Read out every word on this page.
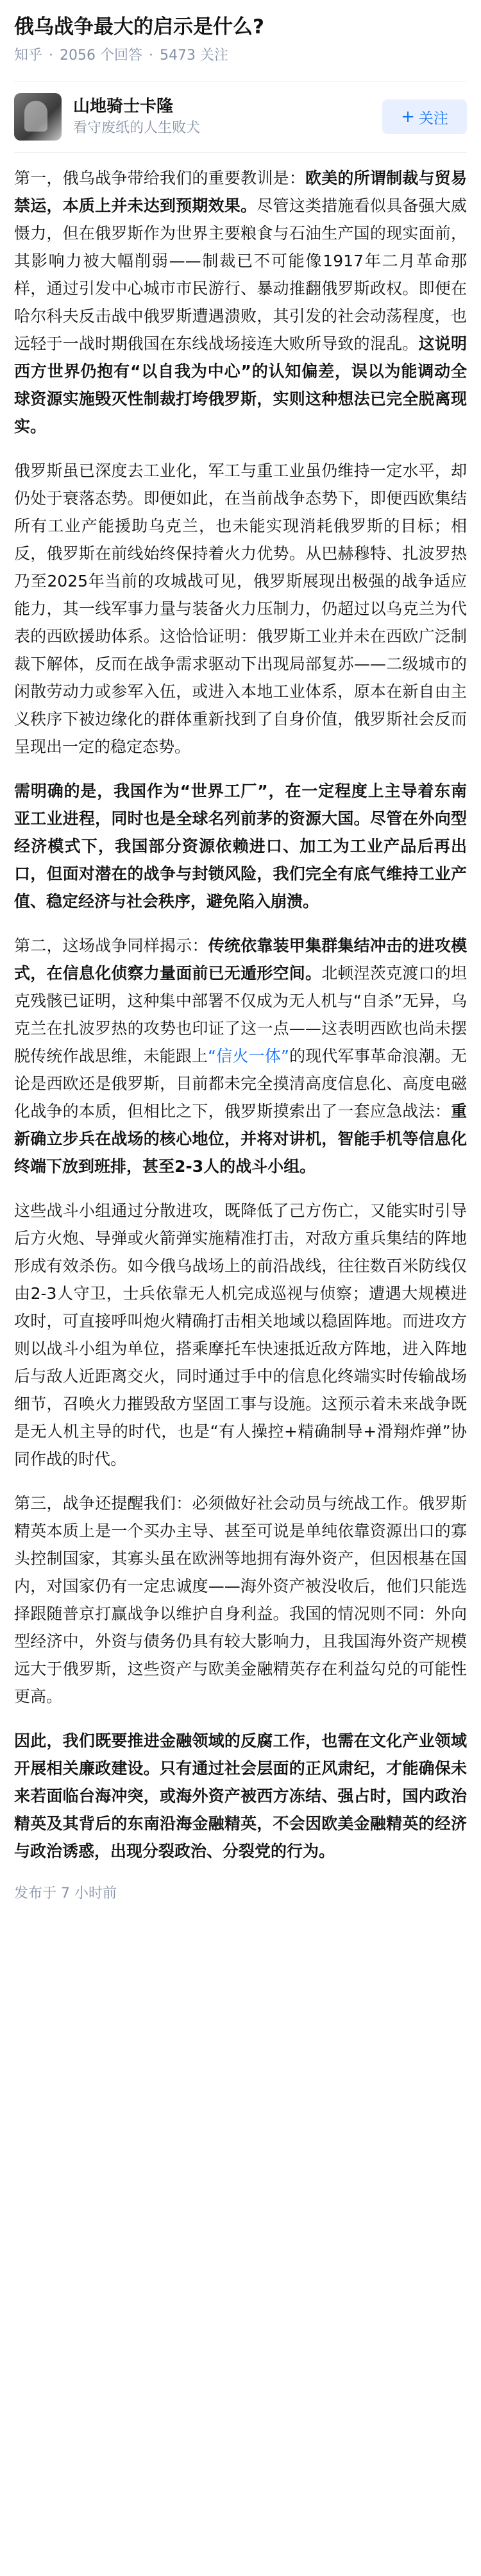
俄乌战争最大的启示是什么?
知乎 · 2056 个回答 · 5473 关注
山地骑士卡隆
看守废纸的人生败犬
+ 关注

第一，俄乌战争带给我们的重要教训是：欧美的所谓制裁与贸易禁运，本质上并未达到预期效果。尽管这类措施看似具备强大威慑力，但在俄罗斯作为世界主要粮食与石油生产国的现实面前，其影响力被大幅削弱——制裁已不可能像1917年二月革命那样，通过引发中心城市市民游行、暴动推翻俄罗斯政权。即便在哈尔科夫反击战中俄罗斯遭遇溃败，其引发的社会动荡程度，也远轻于一战时期俄国在东线战场接连大败所导致的混乱。这说明西方世界仍抱有“以自我为中心”的认知偏差，误以为能调动全球资源实施毁灭性制裁打垮俄罗斯，实则这种想法已完全脱离现实。

俄罗斯虽已深度去工业化，军工与重工业虽仍维持一定水平，却仍处于衰落态势。即便如此，在当前战争态势下，即便西欧集结所有工业产能援助乌克兰，也未能实现消耗俄罗斯的目标；相反，俄罗斯在前线始终保持着火力优势。从巴赫穆特、扎波罗热乃至2025年当前的攻城战可见，俄罗斯展现出极强的战争适应能力，其一线军事力量与装备火力压制力，仍超过以乌克兰为代表的西欧援助体系。这恰恰证明：俄罗斯工业并未在西欧广泛制裁下解体，反而在战争需求驱动下出现局部复苏——二级城市的闲散劳动力或参军入伍，或进入本地工业体系，原本在新自由主义秩序下被边缘化的群体重新找到了自身价值，俄罗斯社会反而呈现出一定的稳定态势。

需明确的是，我国作为“世界工厂”，在一定程度上主导着东南亚工业进程，同时也是全球名列前茅的资源大国。尽管在外向型经济模式下，我国部分资源依赖进口、加工为工业产品后再出口，但面对潜在的战争与封锁风险，我们完全有底气维持工业产值、稳定经济与社会秩序，避免陷入崩溃。

第二，这场战争同样揭示：传统依靠装甲集群集结冲击的进攻模式，在信息化侦察力量面前已无遁形空间。北顿涅茨克渡口的坦克残骸已证明，这种集中部署不仅成为无人机与“自杀”无异，乌克兰在扎波罗热的攻势也印证了这一点——这表明西欧也尚未摆脱传统作战思维，未能跟上“信火一体”的现代军事革命浪潮。无论是西欧还是俄罗斯，目前都未完全摸清高度信息化、高度电磁化战争的本质，但相比之下，俄罗斯摸索出了一套应急战法：重新确立步兵在战场的核心地位，并将对讲机，智能手机等信息化终端下放到班排，甚至2-3人的战斗小组。

这些战斗小组通过分散进攻，既降低了己方伤亡，又能实时引导后方火炮、导弹或火箭弹实施精准打击，对敌方重兵集结的阵地形成有效杀伤。如今俄乌战场上的前沿战线，往往数百米防线仅由2-3人守卫，士兵依靠无人机完成巡视与侦察；遭遇大规模进攻时，可直接呼叫炮火精确打击相关地域以稳固阵地。而进攻方则以战斗小组为单位，搭乘摩托车快速抵近敌方阵地，进入阵地后与敌人近距离交火，同时通过手中的信息化终端实时传输战场细节，召唤火力摧毁敌方坚固工事与设施。这预示着未来战争既是无人机主导的时代，也是“有人操控+精确制导+滑翔炸弹”协同作战的时代。

第三，战争还提醒我们：必须做好社会动员与统战工作。俄罗斯精英本质上是一个买办主导、甚至可说是单纯依靠资源出口的寡头控制国家，其寡头虽在欧洲等地拥有海外资产，但因根基在国内，对国家仍有一定忠诚度——海外资产被没收后，他们只能选择跟随普京打赢战争以维护自身利益。我国的情况则不同：外向型经济中，外资与债务仍具有较大影响力，且我国海外资产规模远大于俄罗斯，这些资产与欧美金融精英存在利益勾兑的可能性更高。

因此，我们既要推进金融领域的反腐工作，也需在文化产业领域开展相关廉政建设。只有通过社会层面的正风肃纪，才能确保未来若面临台海冲突，或海外资产被西方冻结、强占时，国内政治精英及其背后的东南沿海金融精英，不会因欧美金融精英的经济与政治诱惑，出现分裂政治、分裂党的行为。

发布于 7 小时前
